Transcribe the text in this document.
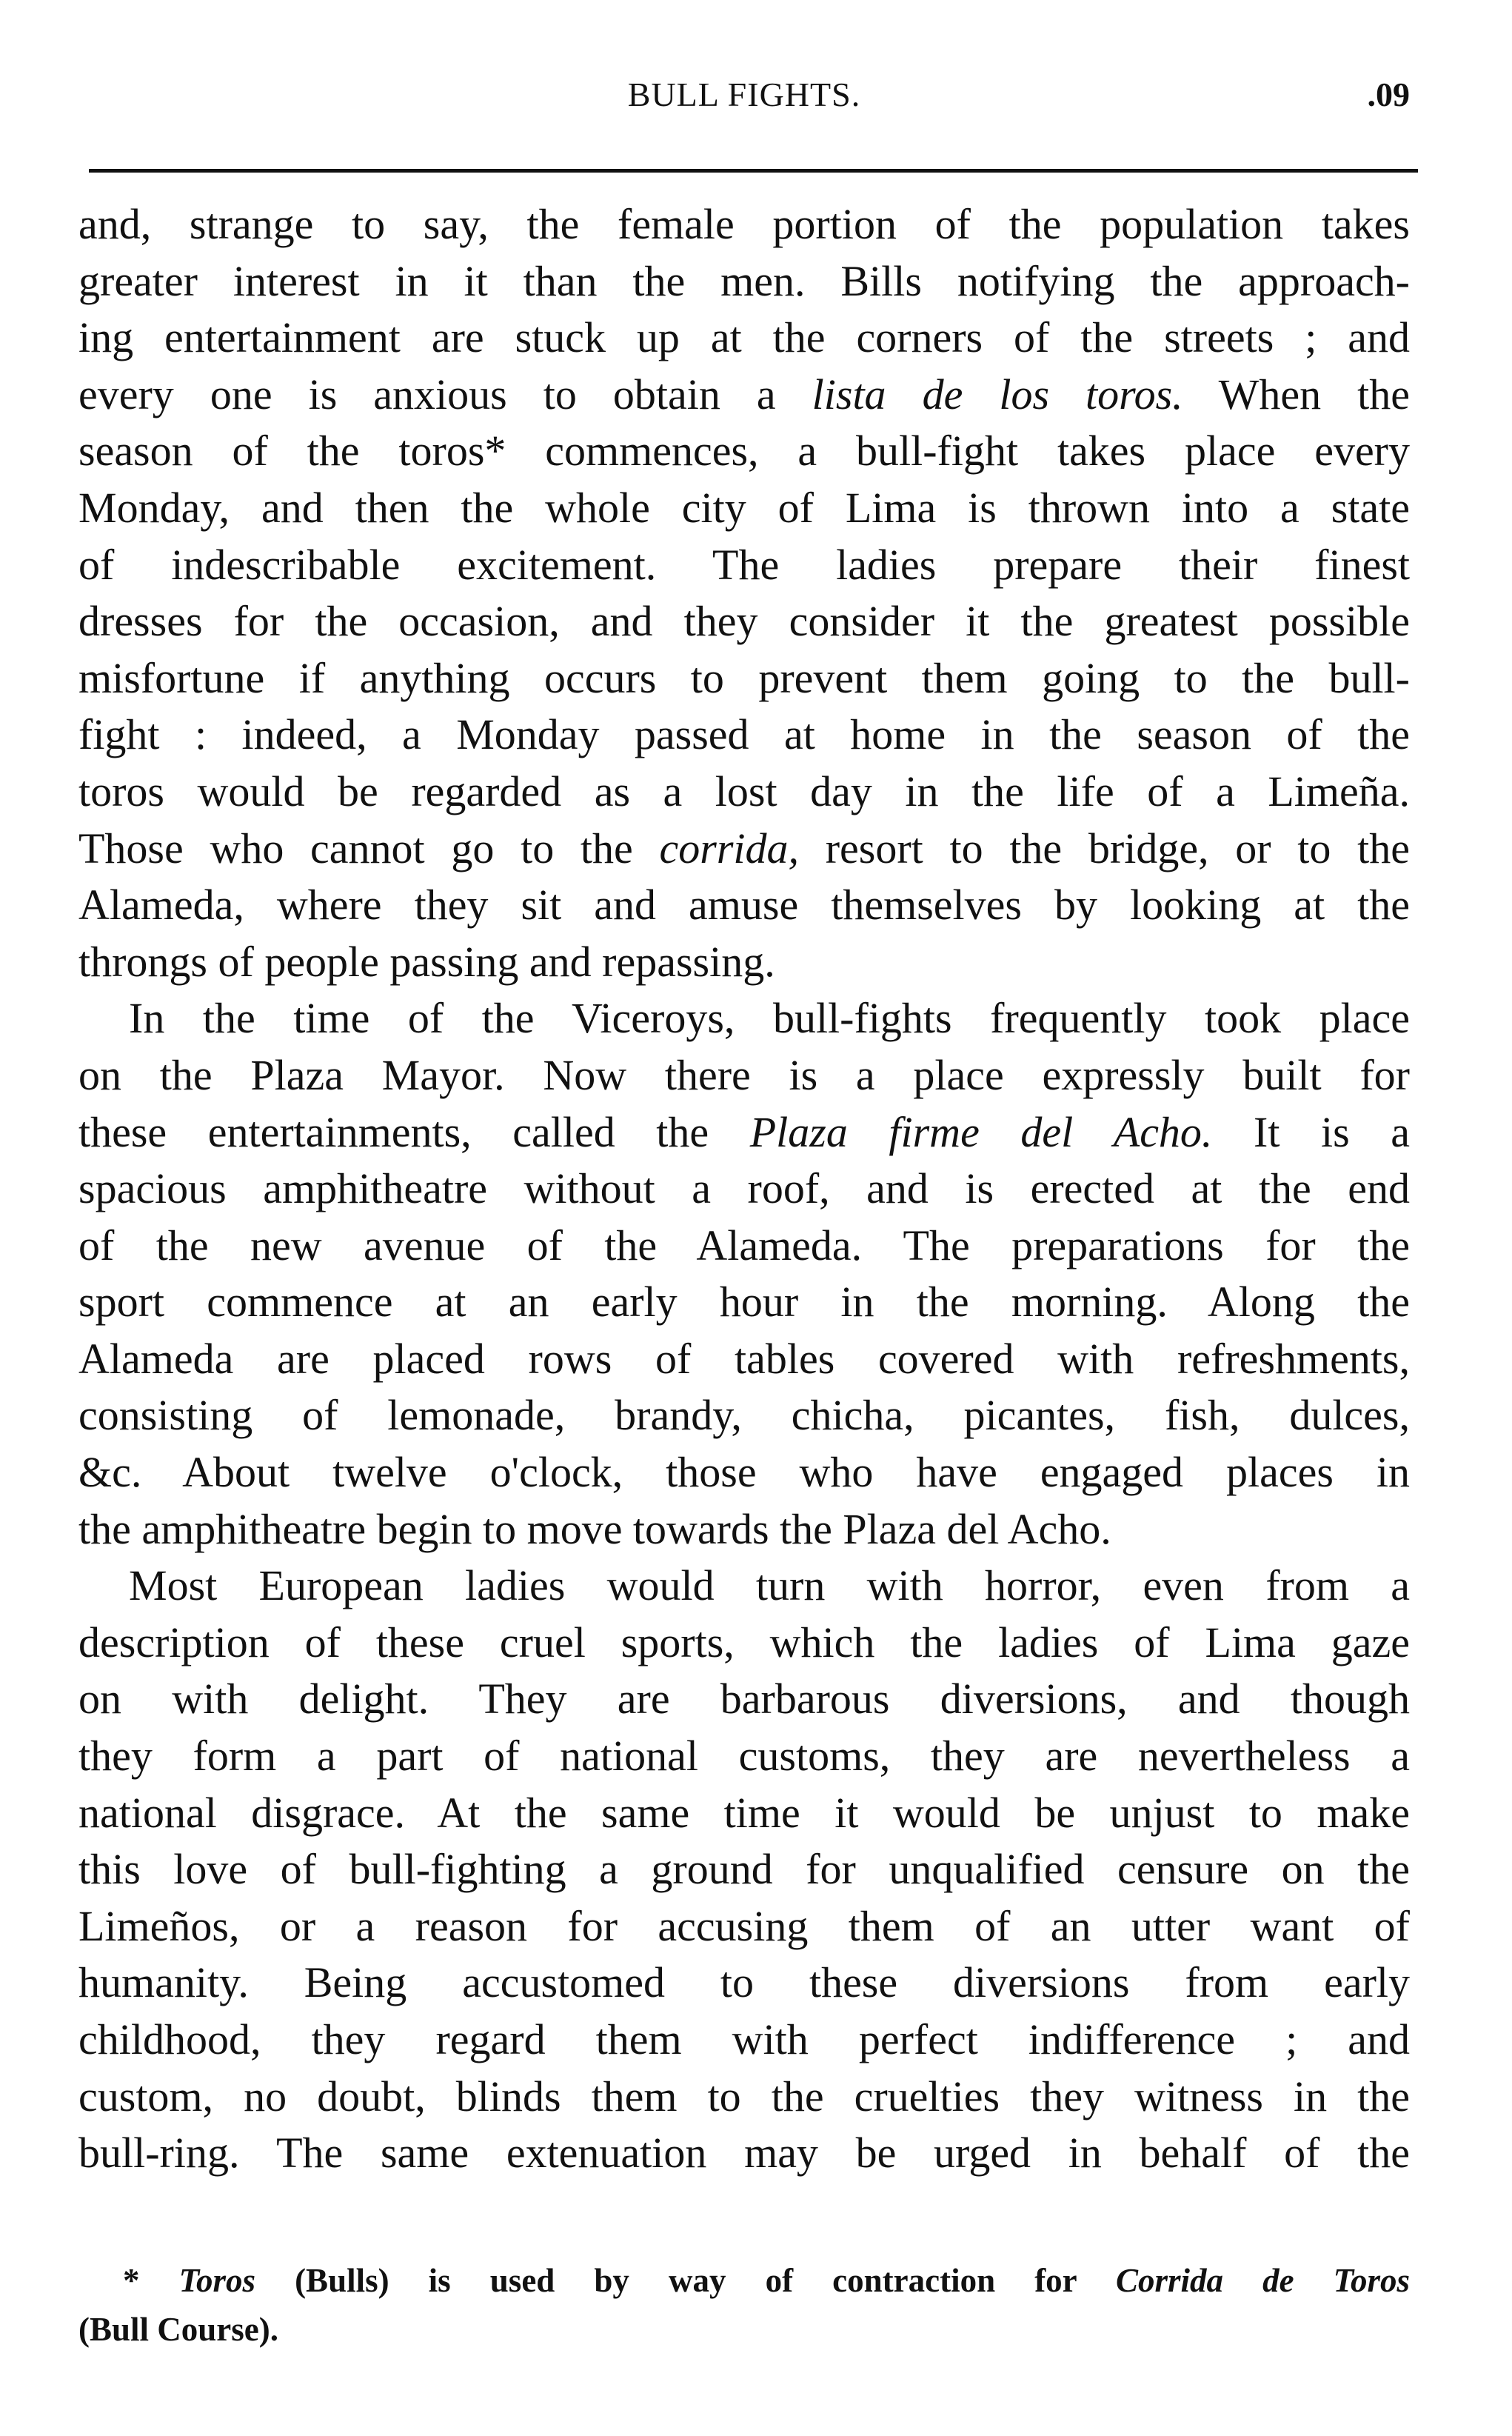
BULL FIGHTS.	.09
and, strange to say, the female portion of the population takes
greater interest in it than the men. Bills notifying the approach-
ing entertainment are stuck up at the corners of the streets ; and
every one is anxious to obtain a lista de los toros. When the
season of the toros* commences, a bull-fight takes place every
Monday, and then the whole city of Lima is thrown into a state
of indescribable excitement. The ladies prepare their finest
dresses for the occasion, and they consider it the greatest possible
misfortune if anything occurs to prevent them going to the bull-
fight : indeed, a Monday passed at home in the season of the
toros would be regarded as a lost day in the life of a Limeña.
Those who cannot go to the corrida, resort to the bridge, or to the
Alameda, where they sit and amuse themselves by looking at the
throngs of people passing and repassing.
In the time of the Viceroys, bull-fights frequently took place
on the Plaza Mayor. Now there is a place expressly built for
these entertainments, called the Plaza firme del Acho. It is a
spacious amphitheatre without a roof, and is erected at the end
of the new avenue of the Alameda. The preparations for the
sport commence at an early hour in the morning. Along the
Alameda are placed rows of tables covered with refreshments,
consisting of lemonade, brandy, chicha, picantes, fish, dulces,
&c. About twelve o'clock, those who have engaged places in
the amphitheatre begin to move towards the Plaza del Acho.
Most European ladies would turn with horror, even from a
description of these cruel sports, which the ladies of Lima gaze
on with delight. They are barbarous diversions, and though
they form a part of national customs, they are nevertheless a
national disgrace. At the same time it would be unjust to make
this love of bull-fighting a ground for unqualified censure on the
Limeños, or a reason for accusing them of an utter want of
humanity. Being accustomed to these diversions from early
childhood, they regard them with perfect indifference ; and
custom, no doubt, blinds them to the cruelties they witness in the
bull-ring. The same extenuation may be urged in behalf of the
* Toros (Bulls) is used by way of contraction for Corrida de Toros
(Bull Course).
